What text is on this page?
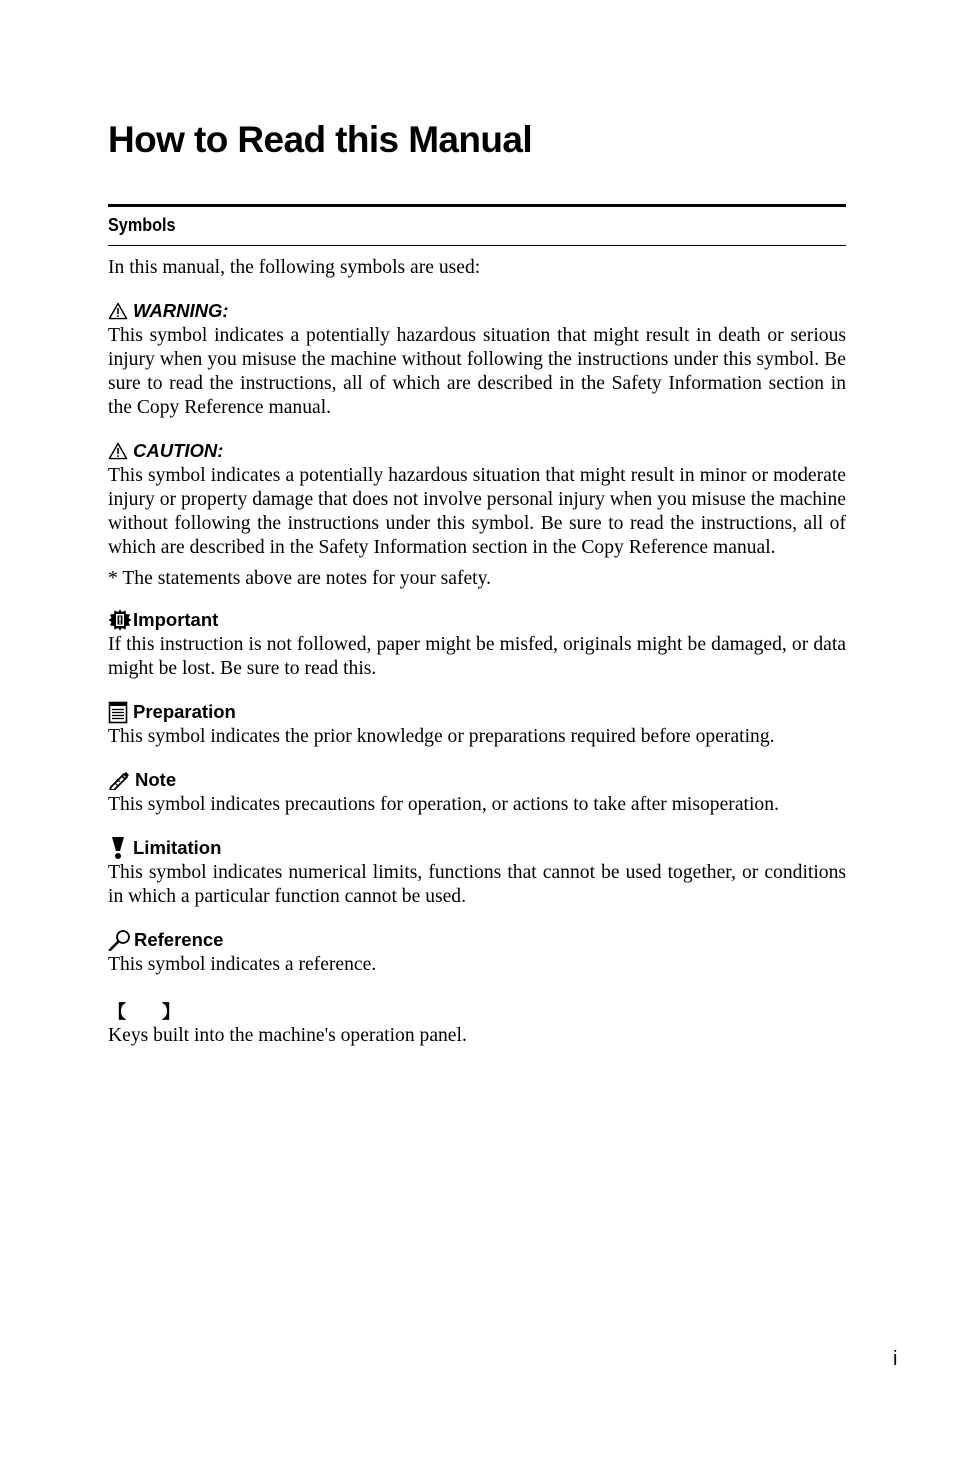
How to Read this Manual
Symbols

In this manual, the following symbols are used:

WARNING:

This symbol indicates a potentially hazardous situation that might result in death or serious injury when you misuse the machine without following the instructions under this symbol. Be sure to read the instructions, all of which are described in the Safety Information section in the Copy Reference manual.

CAUTION:

This symbol indicates a potentially hazardous situation that might result in minor or moderate injury or property damage that does not involve personal injury when you misuse the machine without following the instructions under this symbol. Be sure to read the instructions, all of which are described in the Safety Information section in the Copy Reference manual.

* The statements above are notes for your safety.

Important

If this instruction is not followed, paper might be misfed, originals might be damaged, or data might be lost. Be sure to read this.

Preparation

This symbol indicates the prior knowledge or preparations required before operating.

Note

This symbol indicates precautions for operation, or actions to take after misoperation.

Limitation

This symbol indicates numerical limits, functions that cannot be used together, or conditions in which a particular function cannot be used.

Reference

This symbol indicates a reference.

【 】

Keys built into the machine's operation panel.

i
